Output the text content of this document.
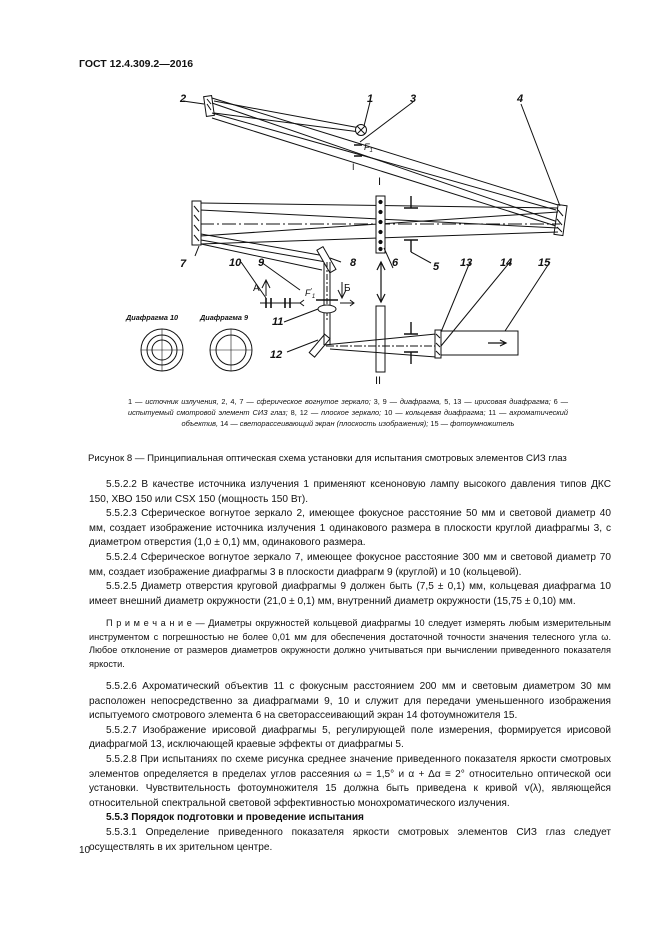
ГОСТ 12.4.309.2—2016
1
2	3	4
5
6
7	8
9
10
11
12
13	14 15
I
II
I
А	Б
$F_1$
$F'_1$
Диафрагма 10	Диафрагма 9
1 — источник излучения, 2, 4, 7 — сферическое вогнутое зеркало; 3, 9 — диафрагма, 5, 13 — ирисовая диафрагма; 6 — испытуемый смотровой элемент СИЗ глаз; 8, 12 — плоское зеркало; 10 — кольцевая диафрагма; 11 — ахроматический объектив, 14 — светорассеивающий экран (плоскость изображения); 15 — фотоумножитель
Рисунок 8 — Принципиальная оптическая схема установки для испытания смотровых элементов СИЗ глаз

5.5.2.2 В качестве источника излучения 1 применяют ксеноновую лампу высокого давления типов ДКС 150, ХВО 150 или CSX 150 (мощность 150 Вт).

5.5.2.3 Сферическое вогнутое зеркало 2, имеющее фокусное расстояние 50 мм и световой диаметр 40 мм, создает изображение источника излучения 1 одинакового размера в плоскости круглой диафрагмы 3, с диаметром отверстия (1,0 ± 0,1) мм, одинакового размера.

5.5.2.4 Сферическое вогнутое зеркало 7, имеющее фокусное расстояние 300 мм и световой диаметр 70 мм, создает изображение диафрагмы 3 в плоскости диафрагм 9 (круглой) и 10 (кольцевой).

5.5.2.5 Диаметр отверстия круговой диафрагмы 9 должен быть (7,5 ± 0,1) мм, кольцевая диафрагма 10 имеет внешний диаметр окружности (21,0 ± 0,1) мм, внутренний диаметр окружности (15,75 ± 0,10) мм.

П р и м е ч а н и е — Диаметры окружностей кольцевой диафрагмы 10 следует измерять любым измерительным инструментом с погрешностью не более 0,01 мм для обеспечения достаточной точности значения телесного угла ω. Любое отклонение от размеров диаметров окружности должно учитываться при вычислении приведенного показателя яркости.

5.5.2.6 Ахроматический объектив 11 с фокусным расстоянием 200 мм и световым диаметром 30 мм расположен непосредственно за диафрагмами 9, 10 и служит для передачи уменьшенного изображения испытуемого смотрового элемента 6 на светорассеивающий экран 14 фотоумножителя 15.

5.5.2.7 Изображение ирисовой диафрагмы 5, регулирующей поле измерения, формируется ирисовой диафрагмой 13, исключающей краевые эффекты от диафрагмы 5.

5.5.2.8 При испытаниях по схеме рисунка среднее значение приведенного показателя яркости смотровых элементов определяется в пределах углов рассеяния ω = 1,5° и α + Δα ≡ 2° относительно оптической оси установки. Чувствительность фотоумножителя 15 должна быть приведена к кривой v(λ), являющейся относительной спектральной световой эффективностью монохроматического излучения.

5.5.3 Порядок подготовки и проведение испытания

5.5.3.1 Определение приведенного показателя яркости смотровых элементов СИЗ глаз следует осуществлять в их зрительном центре.

10
